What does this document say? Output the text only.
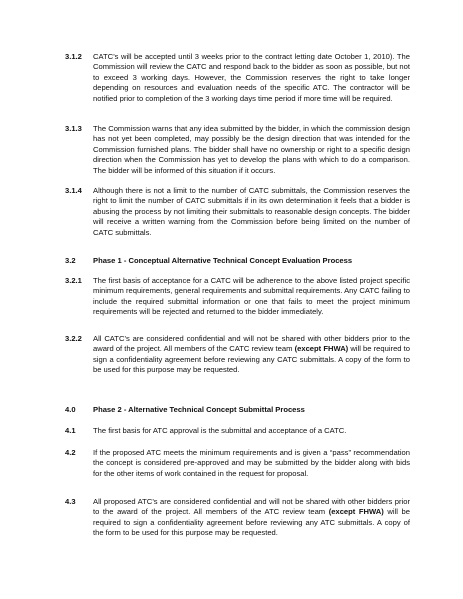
3.1.2 CATC’s will be accepted until 3 weeks prior to the contract letting date October 1, 2010). The Commission will review the CATC and respond back to the bidder as soon as possible, but not to exceed 3 working days. However, the Commission reserves the right to take longer depending on resources and evaluation needs of the specific ATC. The contractor will be notified prior to completion of the 3 working days time period if more time will be required.
3.1.3 The Commission warns that any idea submitted by the bidder, in which the commission design has not yet been completed, may possibly be the design direction that was intended for the Commission furnished plans. The bidder shall have no ownership or right to a specific design direction when the Commission has yet to develop the plans with which to do a comparison. The bidder will be informed of this situation if it occurs.
3.1.4 Although there is not a limit to the number of CATC submittals, the Commission reserves the right to limit the number of CATC submittals if in its own determination it feels that a bidder is abusing the process by not limiting their submittals to reasonable design concepts. The bidder will receive a written warning from the Commission before being limited on the number of CATC submittals.
3.2 Phase 1 - Conceptual Alternative Technical Concept Evaluation Process
3.2.1 The first basis of acceptance for a CATC will be adherence to the above listed project specific minimum requirements, general requirements and submittal requirements. Any CATC failing to include the required submittal information or one that fails to meet the project minimum requirements will be rejected and returned to the bidder immediately.
3.2.2 All CATC’s are considered confidential and will not be shared with other bidders prior to the award of the project. All members of the CATC review team (except FHWA) will be required to sign a confidentiality agreement before reviewing any CATC submittals. A copy of the form to be used for this purpose may be requested.
4.0 Phase 2 - Alternative Technical Concept Submittal Process
4.1 The first basis for ATC approval is the submittal and acceptance of a CATC.
4.2 If the proposed ATC meets the minimum requirements and is given a “pass” recommendation the concept is considered pre-approved and may be submitted by the bidder along with bids for the other items of work contained in the request for proposal.
4.3 All proposed ATC’s are considered confidential and will not be shared with other bidders prior to the award of the project. All members of the ATC review team (except FHWA) will be required to sign a confidentiality agreement before reviewing any ATC submittals. A copy of the form to be used for this purpose may be requested.
